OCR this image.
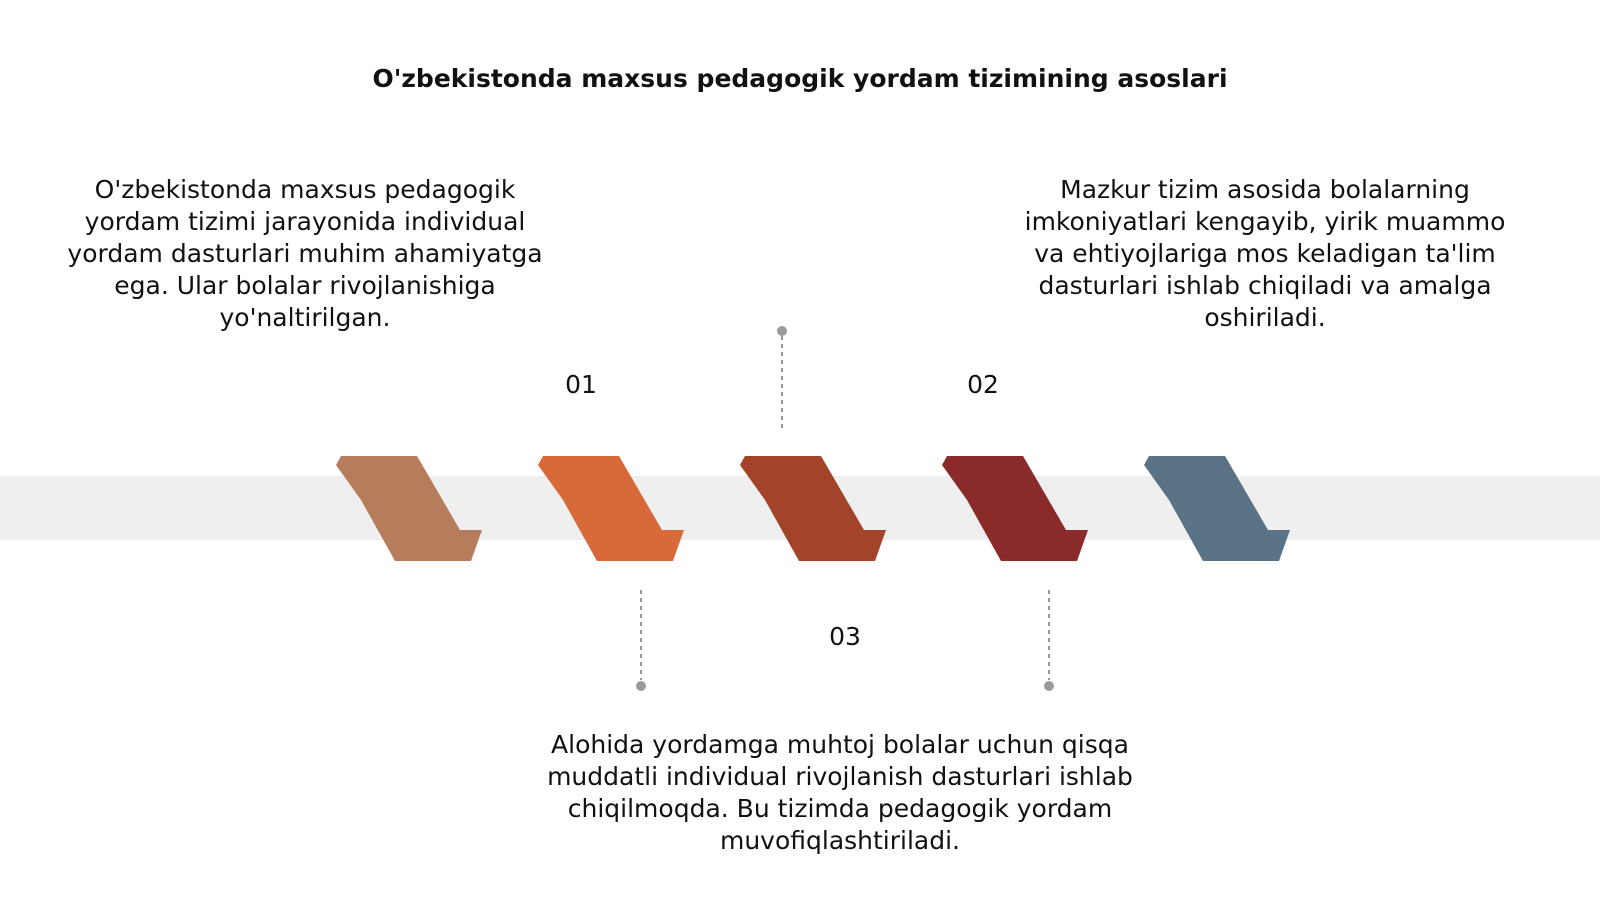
O'zbekistonda maxsus pedagogik yordam tizimining asoslari

O'zbekistonda maxsus pedagogik yordam tizimi jarayonida individual yordam dasturlari muhim ahamiyatga ega. Ular bolalar rivojlanishiga yo'naltirilgan.

Mazkur tizim asosida bolalarning imkoniyatlari kengayib, yirik muammo va ehtiyojlariga mos keladigan ta'lim dasturlari ishlab chiqiladi va amalga oshiriladi.

Alohida yordamga muhtoj bolalar uchun qisqa muddatli individual rivojlanish dasturlari ishlab chiqilmoqda. Bu tizimda pedagogik yordam muvofiqlashtiriladi.

01	02
03
